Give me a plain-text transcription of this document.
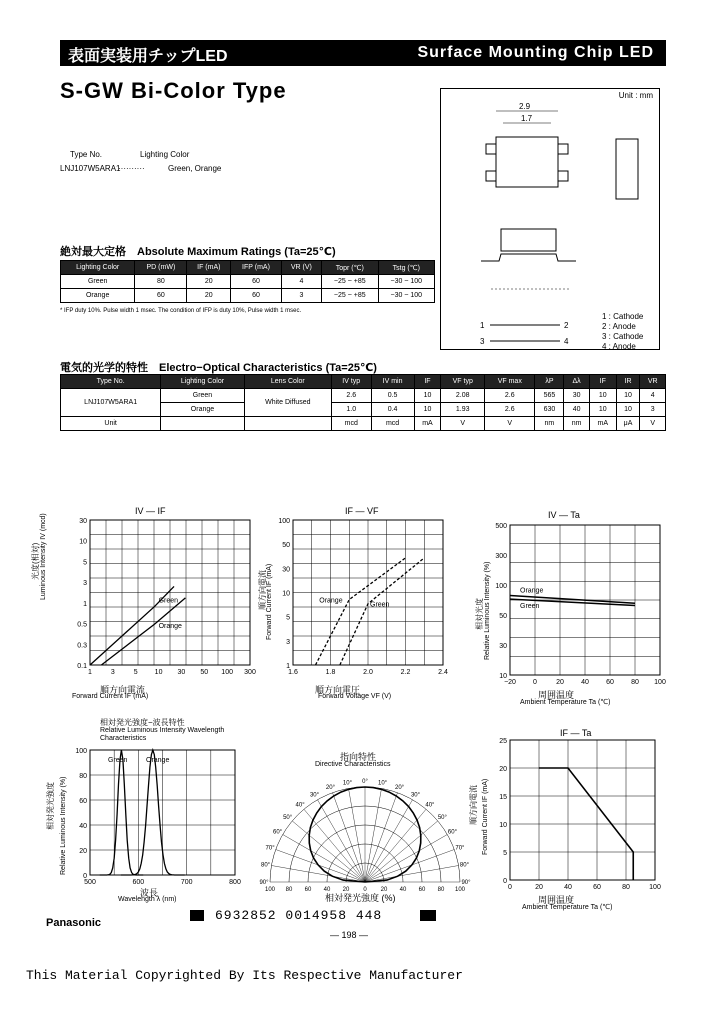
表面実装用チップLED	Surface Mounting Chip LED
S-GW Bi-Color Type
Type No.	Lighting Color
LNJ107W5ARA1
··········	Green, Orange
Unit : mm
2.9
1.7
1 : Cathode
2 : Anode
3 : Cathode
4 : Anode
1	2
3	4
絶対最大定格　Absolute Maximum Ratings (Ta=25℃)
Lighting Color	PD (mW)	IF (mA)	IFP (mA)	VR (V)	Topr (℃)	Tstg (℃)
Green	80	20	60	4	−25 ~ +85	−30 ~ 100
Orange	60	20	60	3	−25 ~ +85	−30 ~ 100
* IFP duty 10%. Pulse width 1 msec. The condition of IFP is duty 10%, Pulse width 1 msec.
電気的光学的特性　Electro−Optical Characteristics (Ta=25℃)
Type No.	Lighting Color	Lens Color	IV typ	IV min	IF	VF typ	VF max	λP	Δλ	IF	IR	VR
LNJ107W5ARA1	Green	White Diffused	2.6	0.5	10	2.08	2.6	565	30	10	10	4
	Orange		1.0	0.4	10	1.93	2.6	630	40	10	10	3
Unit			mcd	mcd	mA	V	V	nm	nm	mA	μA	V
IV — IF
順方向電流
Forward Current IF (mA)
Luminous Intensity IV (mcd)
光度(相対)
IF — VF
順方向電圧
Forward Voltage VF (V)
Forward Current IF (mA)
順方向電流
IV — Ta
周囲温度
Ambient Temperature Ta (℃)
Relative Luminous Intensity (%)
相対光度
相対発光強度−波長特性
Relative Luminous Intensity Wavelength Characteristics
波長
Wavelength λ (nm)
Relative Luminous Intensity (%)
相対発光強度
指向特性
Directive Characteristics
相対発光強度 (%)
IF — Ta
周囲温度
Ambient Temperature Ta (℃)
Forward Current IF (mA)
順方向電流
30
10
5
3
1
0.5
0.3
0.1
1	3	5 10 30 50 100 300
Green
Orange
100
50
30
10
5
3
1
1.6	1.8	2.0	2.2	2.4
Orange
Green
500
300
100
50
30
10
−20 0	20 40 60 80 100
Orange
Green
100
80
60
40
20
0
500	600	700	800
Green	Orange
100 80 60 40 20 0 20 40 60 80 100
10° 0° 10°
20°	20°
30°	30°
40°	40°
50°	50°
60°	60°
70°	70°
80°	80°
90°	90°
25
20
15
10
5
0
0	20	40	60	80	100
Panasonic	6932852 0014958 448
— 198 —
This Material Copyrighted By Its Respective Manufacturer
